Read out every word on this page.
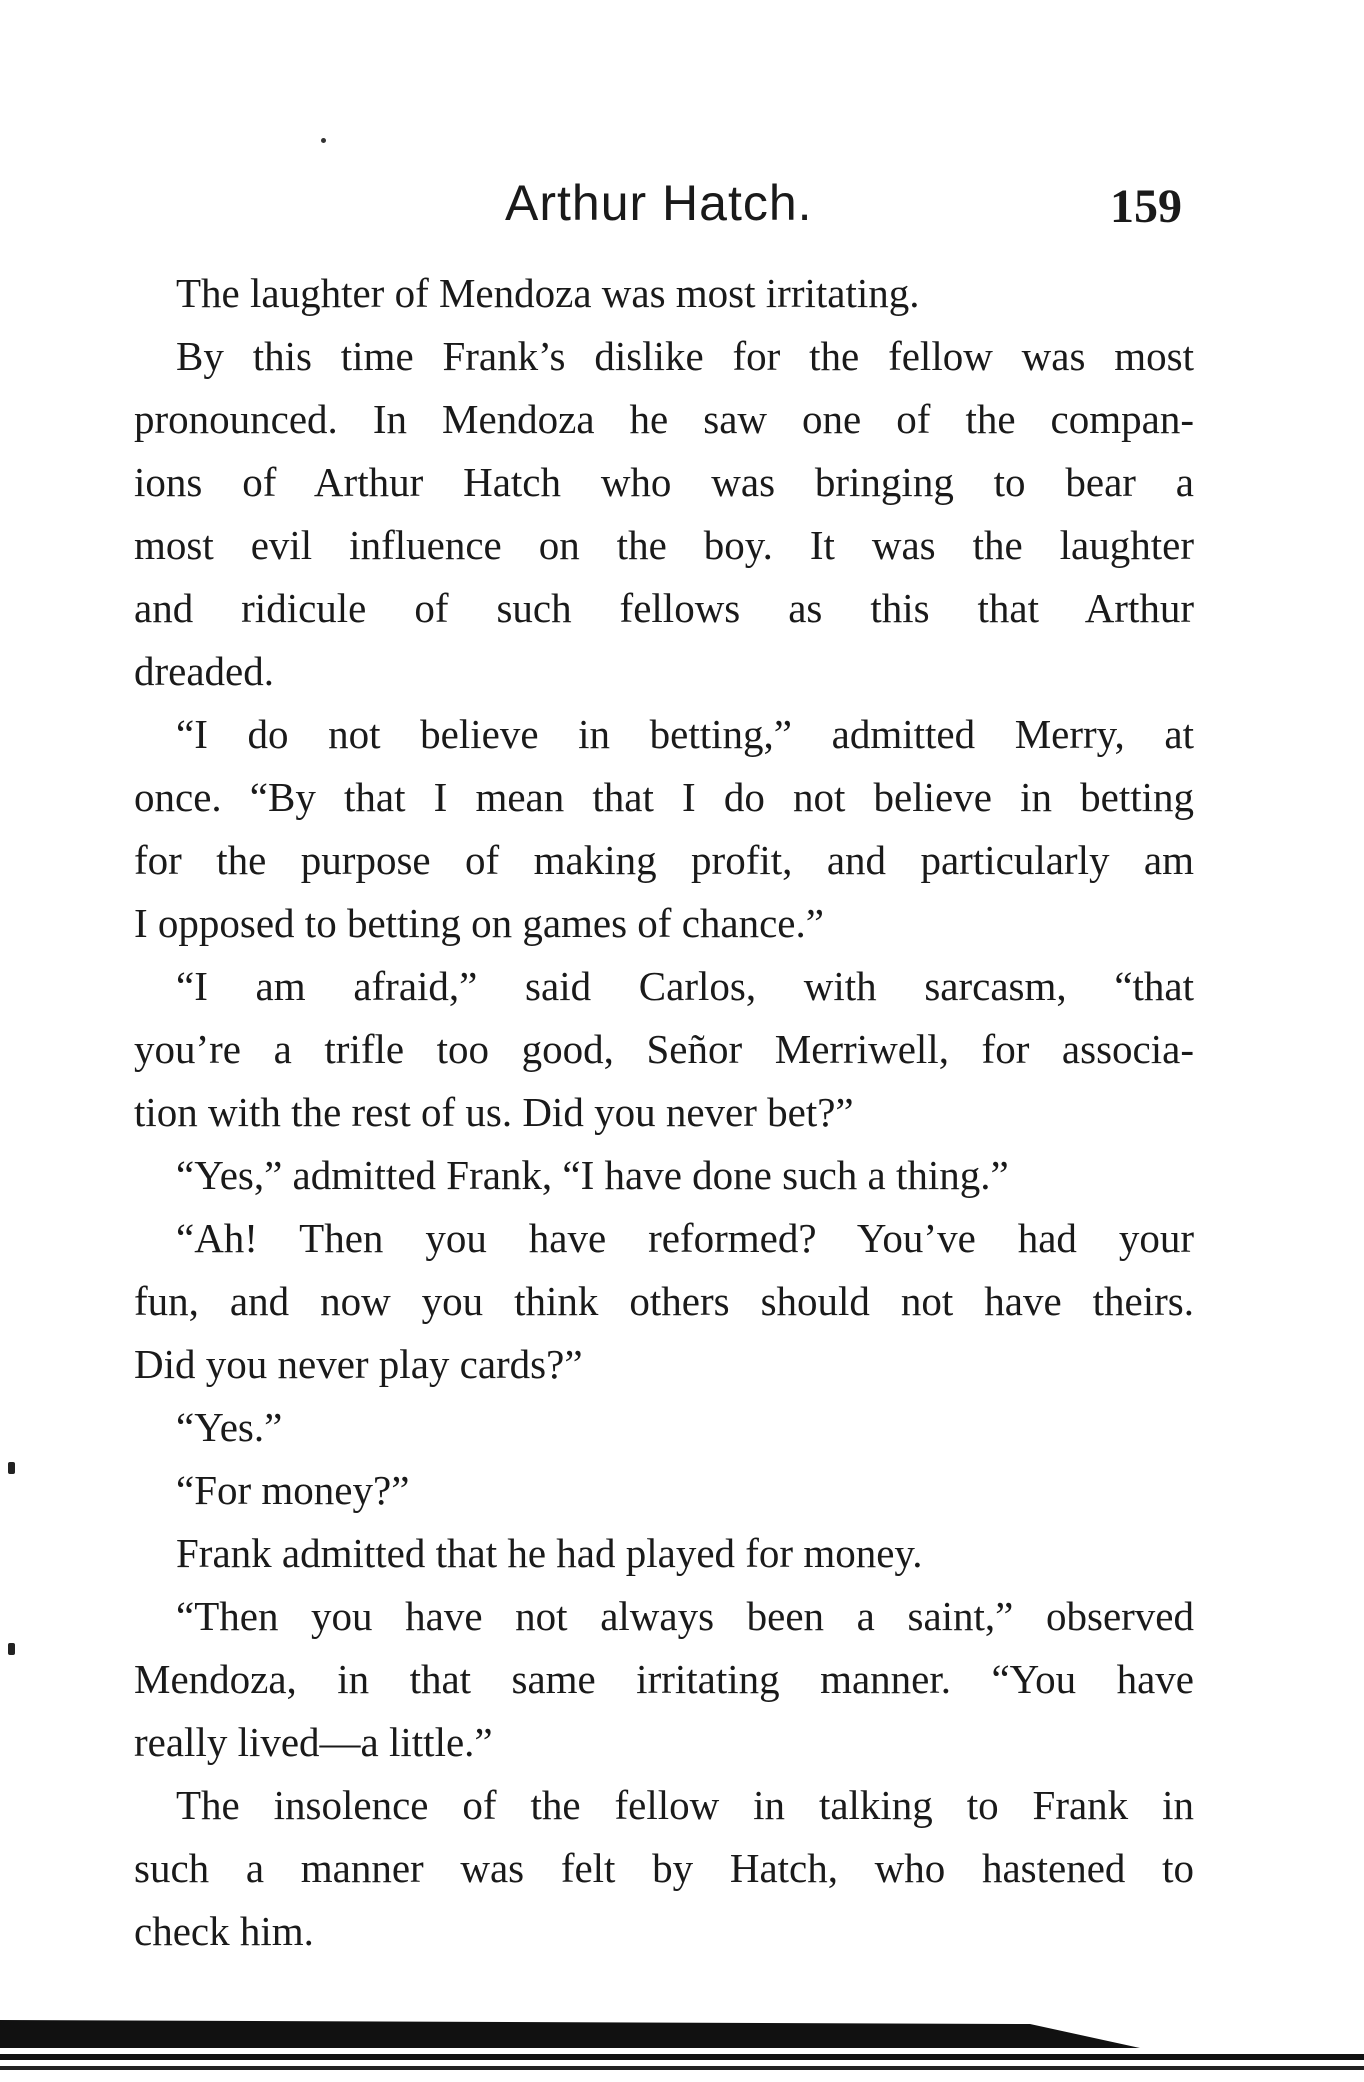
Arthur Hatch.	159

The laughter of Mendoza was most irritating.

By this time Frank’s dislike for the fellow was most
pronounced. In Mendoza he saw one of the compan-
ions of Arthur Hatch who was bringing to bear a
most evil influence on the boy. It was the laughter
and ridicule of such fellows as this that Arthur
dreaded.

“I do not believe in betting,” admitted Merry, at
once. “By that I mean that I do not believe in betting
for the purpose of making profit, and particularly am
I opposed to betting on games of chance.”

“I am afraid,” said Carlos, with sarcasm, “that
you’re a trifle too good, Señor Merriwell, for associa-
tion with the rest of us. Did you never bet?”

“Yes,” admitted Frank, “I have done such a thing.”

“Ah! Then you have reformed? You’ve had your
fun, and now you think others should not have theirs.
Did you never play cards?”

“Yes.”

“For money?”

Frank admitted that he had played for money.

“Then you have not always been a saint,” observed
Mendoza, in that same irritating manner. “You have
really lived—a little.”

The insolence of the fellow in talking to Frank in
such a manner was felt by Hatch, who hastened to
check him.
